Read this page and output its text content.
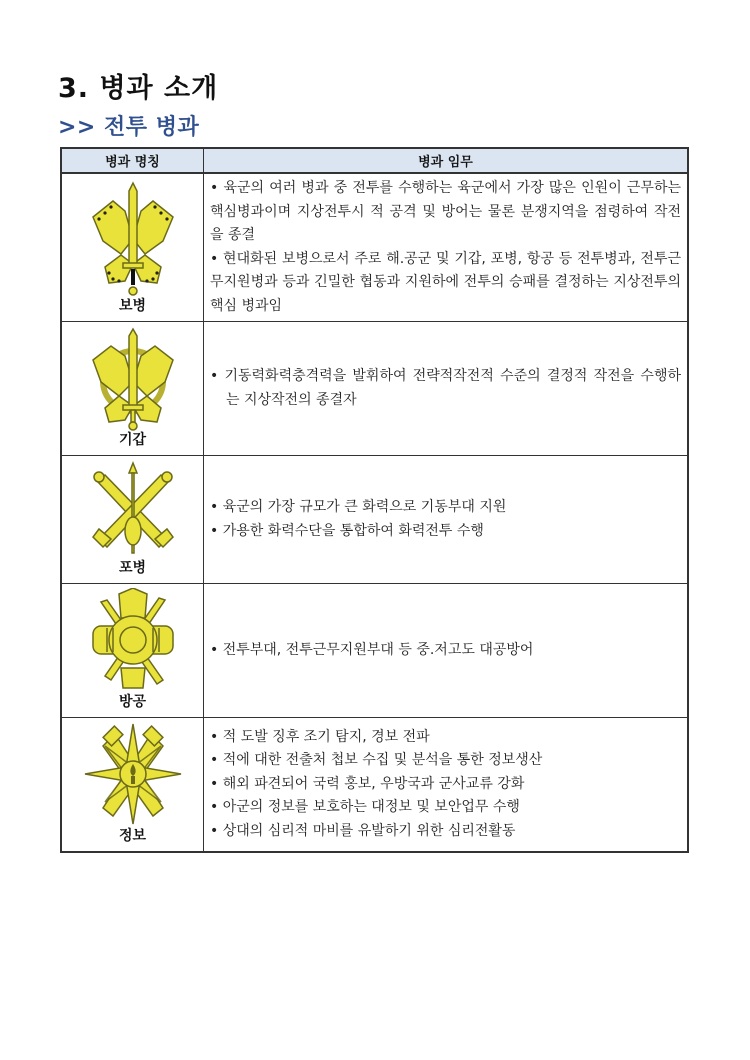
3. 병과 소개
>> 전투 병과
병과 명칭	병과 임무

보병	• 육군의 여러 병과 중 전투를 수행하는 육군에서 가장 많은 인원이 근무하는 핵심병과이며 지상전투시 적 공격 및 방어는 물론 분쟁지역을 점령하여 작전을 종결
• 현대화된 보병으로서 주로 해.공군 및 기갑, 포병, 항공 등 전투병과, 전투근무지원병과 등과 긴밀한 협동과 지원하에 전투의 승패를 결정하는 지상전투의 핵심 병과임

기갑	• 기동력화력충격력을 발휘하여 전략적작전적 수준의 결정적 작전을 수행하는 지상작전의 종결자

포병	• 육군의 가장 규모가 큰 화력으로 기동부대 지원
• 가용한 화력수단을 통합하여 화력전투 수행

방공	• 전투부대, 전투근무지원부대 등 중.저고도 대공방어

정보	• 적 도발 징후 조기 탐지, 경보 전파
• 적에 대한 전출처 첩보 수집 및 분석을 통한 정보생산
• 해외 파견되어 국력 홍보, 우방국과 군사교류 강화
• 아군의 정보를 보호하는 대정보 및 보안업무 수행
• 상대의 심리적 마비를 유발하기 위한 심리전활동
